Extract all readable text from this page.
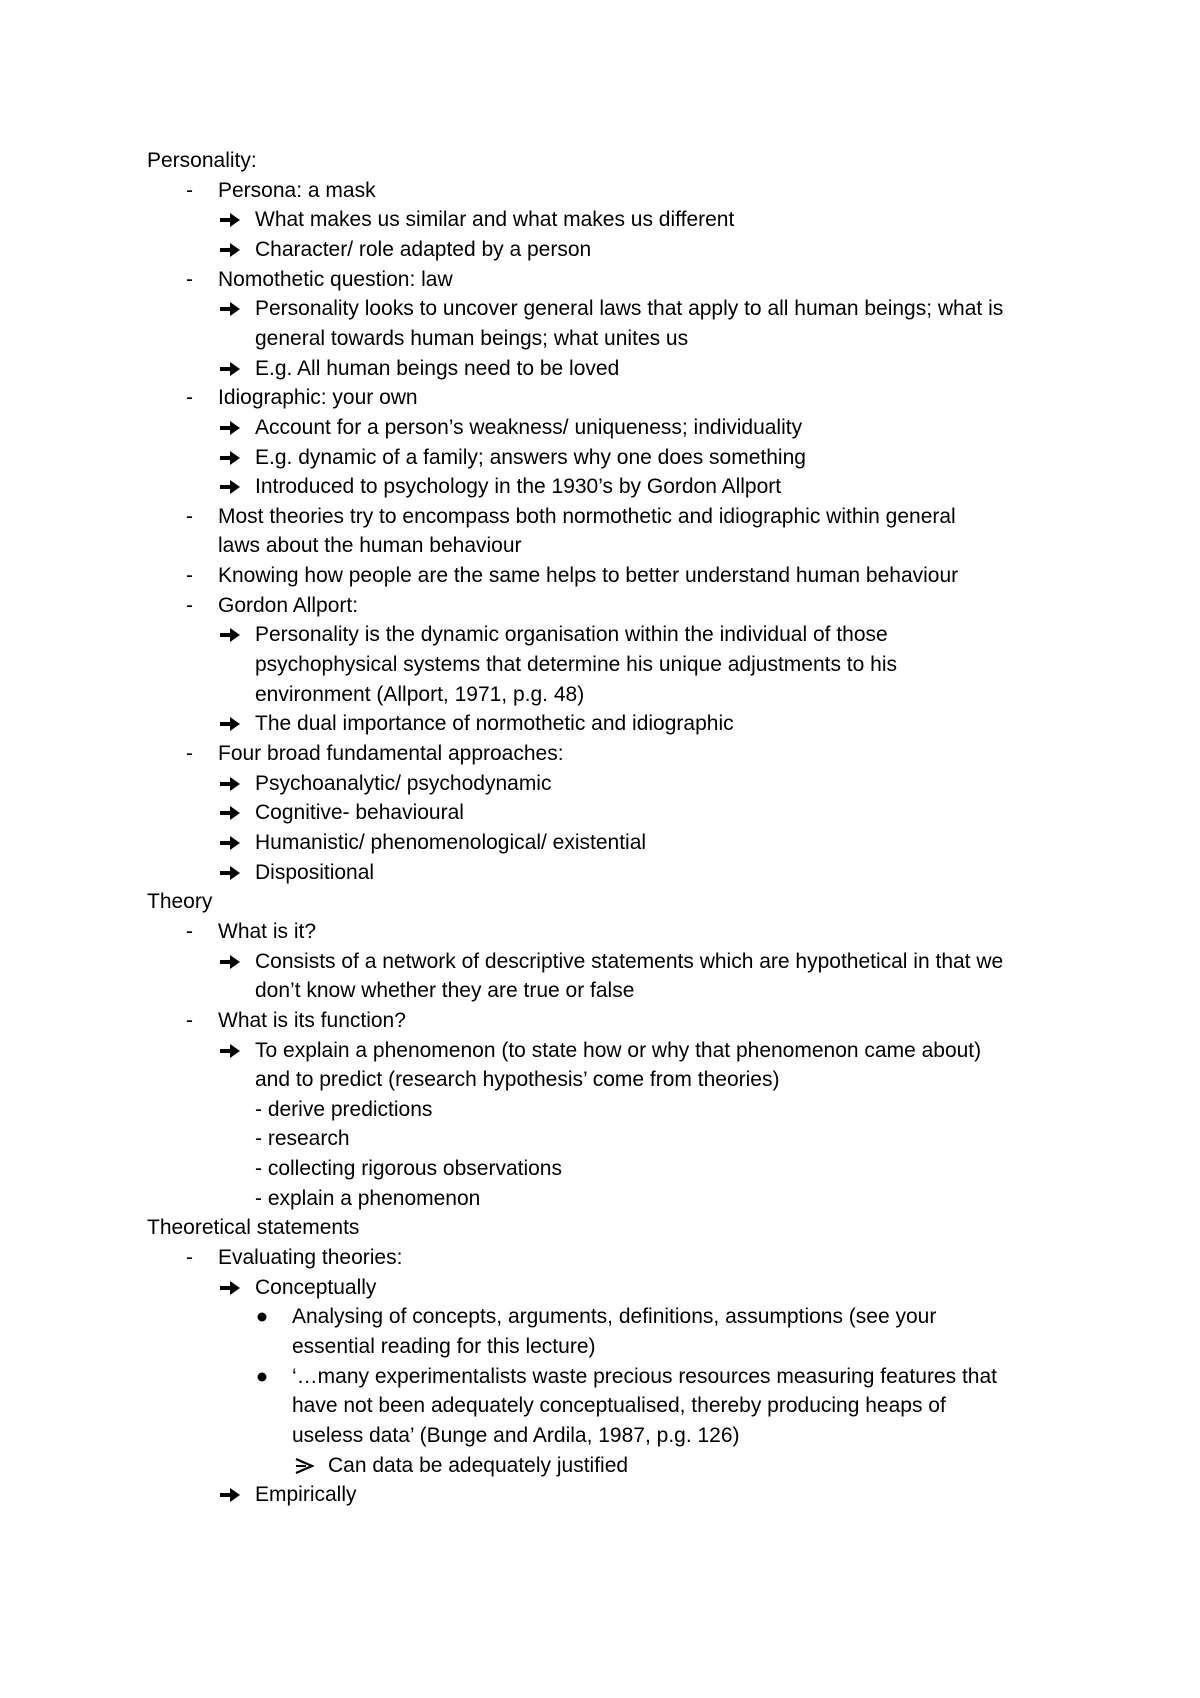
Personality:
- Persona: a mask
What makes us similar and what makes us different
Character/ role adapted by a person
- Nomothetic question: law
Personality looks to uncover general laws that apply to all human beings; what is
general towards human beings; what unites us
E.g. All human beings need to be loved
- Idiographic: your own
Account for a person’s weakness/ uniqueness; individuality
E.g. dynamic of a family; answers why one does something
Introduced to psychology in the 1930’s by Gordon Allport
- Most theories try to encompass both normothetic and idiographic within general
laws about the human behaviour
- Knowing how people are the same helps to better understand human behaviour
- Gordon Allport:
Personality is the dynamic organisation within the individual of those
psychophysical systems that determine his unique adjustments to his
environment (Allport, 1971, p.g. 48)
The dual importance of normothetic and idiographic
- Four broad fundamental approaches:
Psychoanalytic/ psychodynamic
Cognitive- behavioural
Humanistic/ phenomenological/ existential
Dispositional
Theory
- What is it?
Consists of a network of descriptive statements which are hypothetical in that we
don’t know whether they are true or false
- What is its function?
To explain a phenomenon (to state how or why that phenomenon came about)
and to predict (research hypothesis’ come from theories)
- derive predictions
- research
- collecting rigorous observations
- explain a phenomenon
Theoretical statements
- Evaluating theories:
Conceptually
Analysing of concepts, arguments, definitions, assumptions (see your
essential reading for this lecture)
‘…many experimentalists waste precious resources measuring features that
have not been adequately conceptualised, thereby producing heaps of
useless data’ (Bunge and Ardila, 1987, p.g. 126)
Can data be adequately justified
Empirically
